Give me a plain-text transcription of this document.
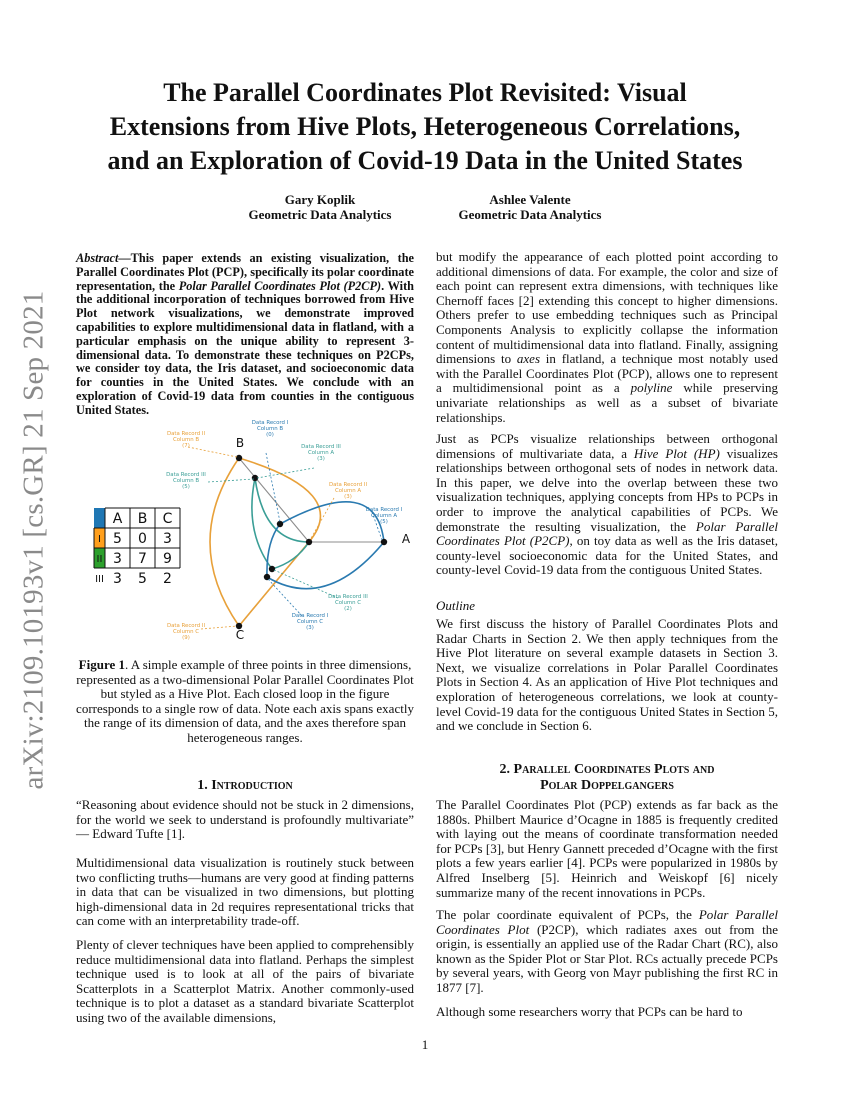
arXiv:2109.10193v1 [cs.GR] 21 Sep 2021
The Parallel Coordinates Plot Revisited: Visual
Extensions from Hive Plots, Heterogeneous Correlations,
and an Exploration of Covid-19 Data in the United States
Gary Koplik
Geometric Data Analytics
Ashlee Valente
Geometric Data Analytics

Abstract—This paper extends an existing visualization, the Parallel Coordinates Plot (PCP), specifically its polar coordinate representation, the Polar Parallel Coordinates Plot (P2CP). With the additional incorporation of techniques borrowed from Hive Plot network visualizations, we demonstrate improved capabilities to explore multidimensional data in flatland, with a particular emphasis on the unique ability to represent 3-dimensional data. To demonstrate these techniques on P2CPs, we consider toy data, the Iris dataset, and socioeconomic data for counties in the United States. We conclude with an exploration of Covid-19 data from counties in the contiguous United States.

A B C
5 0 3
3 7 9
3 5 2
I
II
III
B
A
C
Data Record II
Column B
(7)
Data Record I
Column B
(0)
Data Record III
Column A
(3)
Data Record III
Column B
(5)	Data Record II
Column A
(3)
Data Record I
Column A
(5)
Data Record III
Column C
(2)
Data Record I
Column C
(3)
Data Record II
Column C
(9)
Figure 1. A simple example of three points in three dimensions, represented as a two-dimensional Polar Parallel Coordinates Plot but styled as a Hive Plot. Each closed loop in the figure corresponds to a single row of data. Note each axis spans exactly the range of its dimension of data, and the axes therefore span heterogeneous ranges.
1. Introduction

“Reasoning about evidence should not be stuck in 2 dimensions, for the world we seek to understand is profoundly multivariate” — Edward Tufte [1].

Multidimensional data visualization is routinely stuck between two conflicting truths—humans are very good at finding patterns in data that can be visualized in two dimensions, but plotting high-dimensional data in 2d requires representational tricks that can come with an interpretability trade-off.

Plenty of clever techniques have been applied to comprehensibly reduce multidimensional data into flatland. Perhaps the simplest technique used is to look at all of the pairs of bivariate Scatterplots in a Scatterplot Matrix. Another commonly-used technique is to plot a dataset as a standard bivariate Scatterplot using two of the available dimensions,

but modify the appearance of each plotted point according to additional dimensions of data. For example, the color and size of each point can represent extra dimensions, with techniques like Chernoff faces [2] extending this concept to higher dimensions. Others prefer to use embedding techniques such as Principal Components Analysis to explicitly collapse the information content of multidimensional data into flatland. Finally, assigning dimensions to axes in flatland, a technique most notably used with the Parallel Coordinates Plot (PCP), allows one to represent a multidimensional point as a polyline while preserving univariate relationships as well as a subset of bivariate relationships.

Just as PCPs visualize relationships between orthogonal dimensions of multivariate data, a Hive Plot (HP) visualizes relationships between orthogonal sets of nodes in network data. In this paper, we delve into the overlap between these two visualization techniques, applying concepts from HPs to PCPs in order to improve the analytical capabilities of PCPs. We demonstrate the resulting visualization, the Polar Parallel Coordinates Plot (P2CP), on toy data as well as the Iris dataset, county-level socioeconomic data for the United States, and county-level Covid-19 data from the contiguous United States.

Outline

We first discuss the history of Parallel Coordinates Plots and Radar Charts in Section 2. We then apply techniques from the Hive Plot literature on several example datasets in Section 3. Next, we visualize correlations in Polar Parallel Coordinates Plots in Section 4. As an application of Hive Plot techniques and exploration of heterogeneous correlations, we look at county-level Covid-19 data for the contiguous United States in Section 5, and we conclude in Section 6.

2. Parallel Coordinates Plots and
Polar Doppelgangers

The Parallel Coordinates Plot (PCP) extends as far back as the 1880s. Philbert Maurice d’Ocagne in 1885 is frequently credited with laying out the means of coordinate transformation needed for PCPs [3], but Henry Gannett preceded d’Ocagne with the first plots a few years earlier [4]. PCPs were popularized in 1980s by Alfred Inselberg [5]. Heinrich and Weiskopf [6] nicely summarize many of the recent innovations in PCPs.

The polar coordinate equivalent of PCPs, the Polar Parallel Coordinates Plot (P2CP), which radiates axes out from the origin, is essentially an applied use of the Radar Chart (RC), also known as the Spider Plot or Star Plot. RCs actually precede PCPs by several years, with Georg von Mayr publishing the first RC in 1877 [7].

Although some researchers worry that PCPs can be hard to

1
